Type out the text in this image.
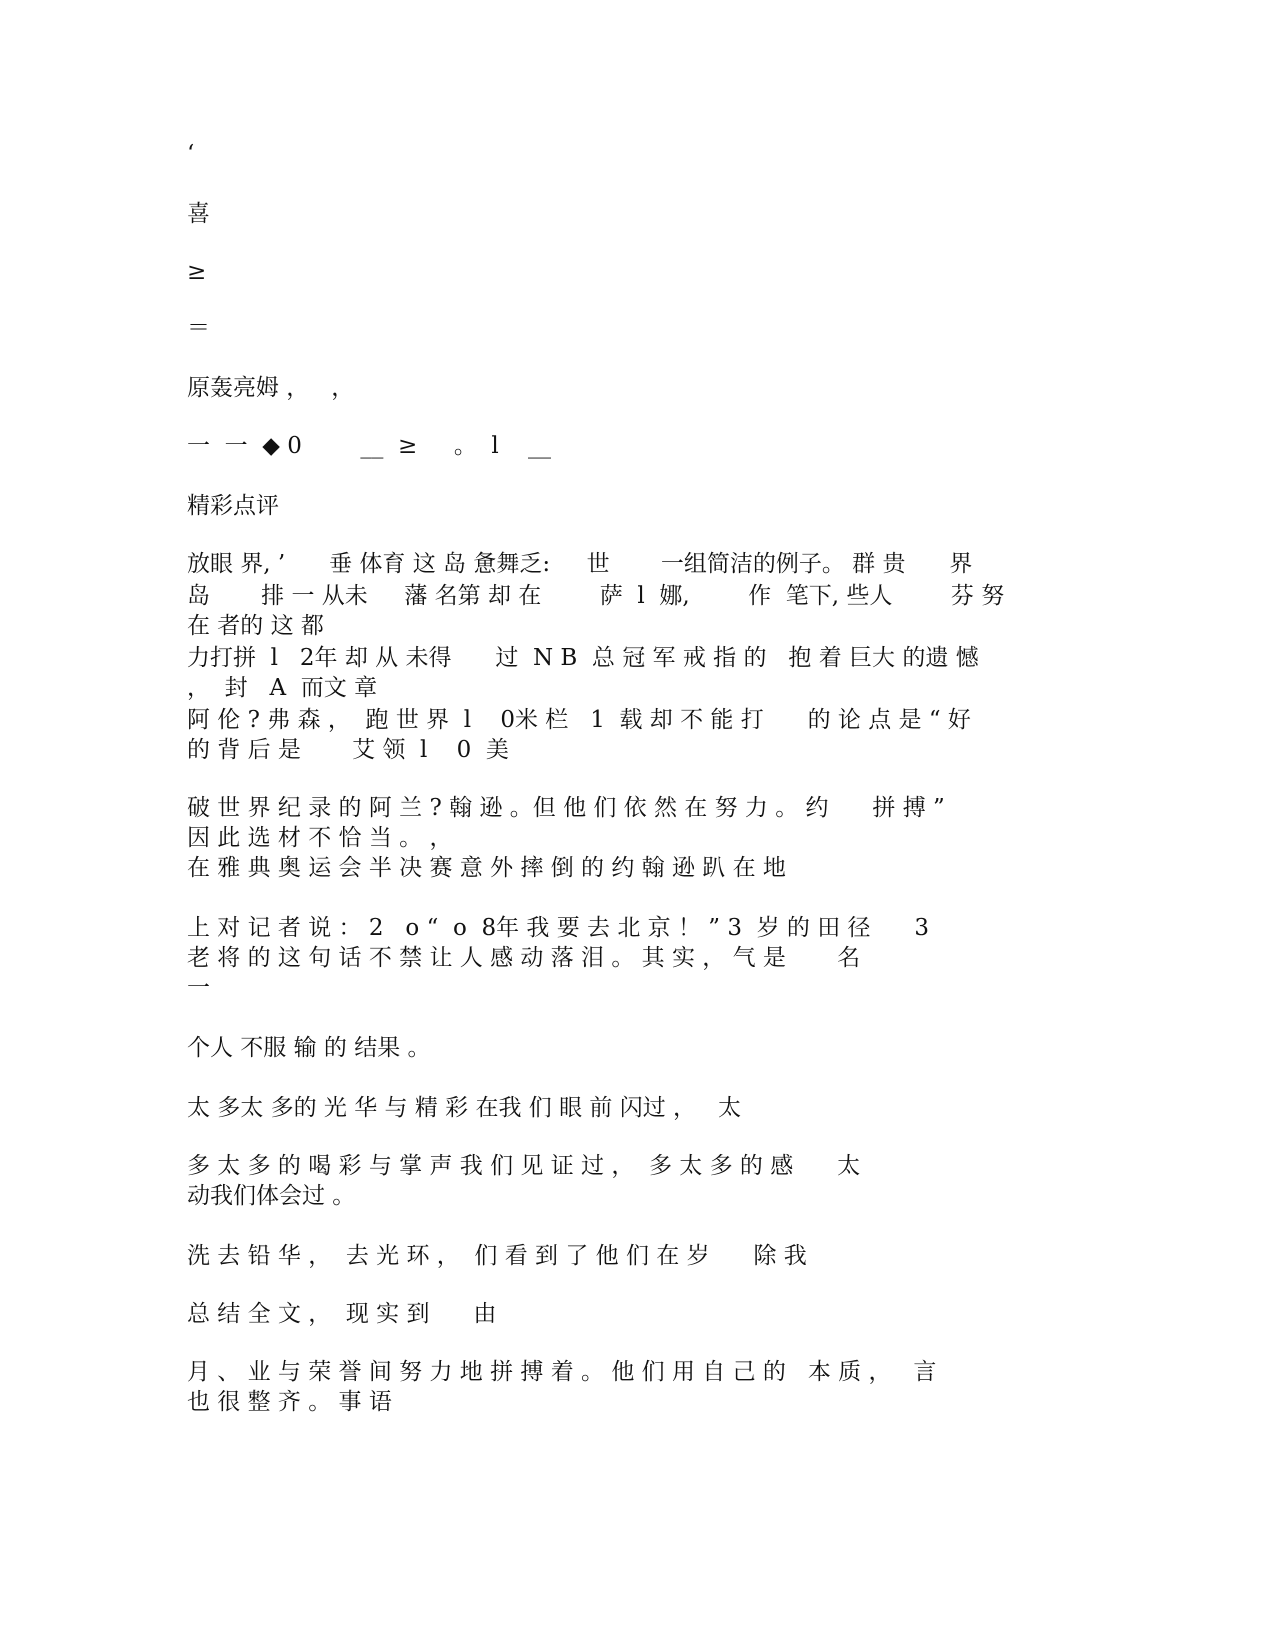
‘

喜

≥

＝

原轰亮姆 ，   ，

一  一  ◆ 0        __  ≥     。  l    __

精彩点评

放眼 界, ’      垂 体育 这 岛 惫舞乏:     世       一组简洁的例子。 群 贵      界

岛       排 一 从未     藩 名第 却 在        萨  l  娜,        作  笔下, 些人        芬 努

在 者的 这 都

力打拼  l   2年 却 从 未得      过  N B  总 冠 军 戒 指 的   抱 着 巨大 的遗 憾

，  封   A  而文 章

阿 伦 ? 弗 森 ，  跑 世 界  l    0米 栏   1  载 却 不 能 打      的 论 点 是 “ 好

的 背 后 是       艾 领  l    0  美

破 世 界 纪 录 的 阿 兰 ? 翰 逊 。但 他 们 依 然 在 努 力 。 约      拼 搏 ”

因 此 选 材 不 恰 当 。 ，

在 雅 典 奥 运 会 半 决 赛 意 外 摔 倒 的 约 翰 逊 趴 在 地

上 对 记 者 说 ： 2   o “  o  8年 我 要 去 北 京 ！ ” 3  岁 的 田 径      3

老 将 的 这 句 话 不 禁 让 人 感 动 落 泪 。 其 实 ， 气 是       名

一

个人 不服 输 的 结果 。

太 多太 多的 光 华 与 精 彩 在我 们 眼 前 闪过 ，   太

多 太 多 的 喝 彩 与 掌 声 我 们 见 证 过 ，  多 太 多 的 感      太

动我们体会过 。

洗 去 铅 华 ，  去 光 环 ，  们 看 到 了 他 们 在 岁      除 我

总 结 全 文 ，  现 实 到      由

月 、 业 与 荣 誉 间 努 力 地 拼 搏 着 。 他 们 用 自 己 的   本 质 ，   言

也 很 整 齐 。 事 语
